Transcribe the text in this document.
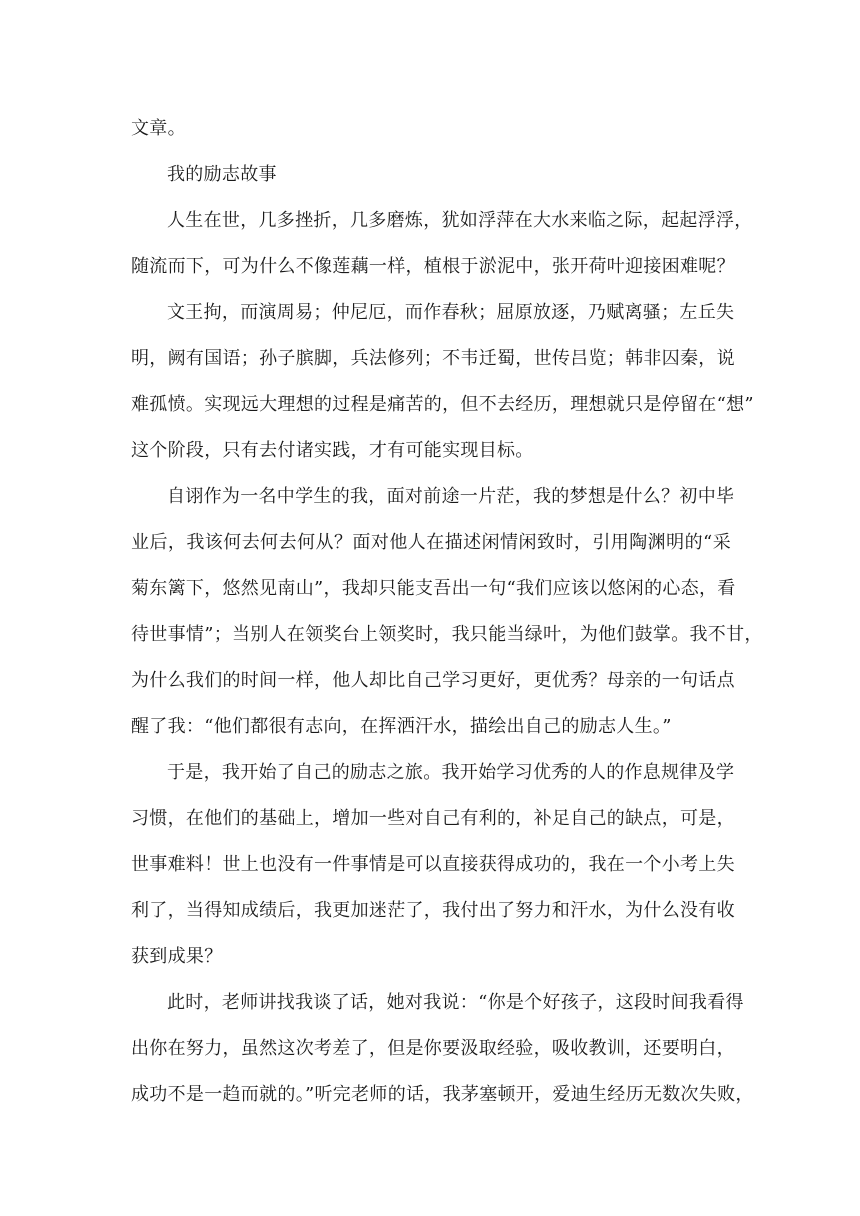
文章。
我的励志故事
人生在世，几多挫折，几多磨炼，犹如浮萍在大水来临之际，起起浮浮，
随流而下，可为什么不像莲藕一样，植根于淤泥中，张开荷叶迎接困难呢？
文王拘，而演周易；仲尼厄，而作春秋；屈原放逐，乃赋离骚；左丘失
明，阙有国语；孙子膑脚，兵法修列；不韦迁蜀，世传吕览；韩非囚秦，说
难孤愤。实现远大理想的过程是痛苦的，但不去经历，理想就只是停留在“想”
这个阶段，只有去付诸实践，才有可能实现目标。
自诩作为一名中学生的我，面对前途一片茫，我的梦想是什么？初中毕
业后，我该何去何去何从？面对他人在描述闲情闲致时，引用陶渊明的“采
菊东篱下，悠然见南山”，我却只能支吾出一句“我们应该以悠闲的心态，看
待世事情”；当别人在领奖台上领奖时，我只能当绿叶，为他们鼓掌。我不甘，
为什么我们的时间一样，他人却比自己学习更好，更优秀？母亲的一句话点
醒了我：“他们都很有志向，在挥洒汗水，描绘出自己的励志人生。”
于是，我开始了自己的励志之旅。我开始学习优秀的人的作息规律及学
习惯，在他们的基础上，增加一些对自己有利的，补足自己的缺点，可是，
世事难料！世上也没有一件事情是可以直接获得成功的，我在一个小考上失
利了，当得知成绩后，我更加迷茫了，我付出了努力和汗水，为什么没有收
获到成果？
此时，老师讲找我谈了话，她对我说：“你是个好孩子，这段时间我看得
出你在努力，虽然这次考差了，但是你要汲取经验，吸收教训，还要明白，
成功不是一趋而就的。”听完老师的话，我茅塞顿开，爱迪生经历无数次失败，
